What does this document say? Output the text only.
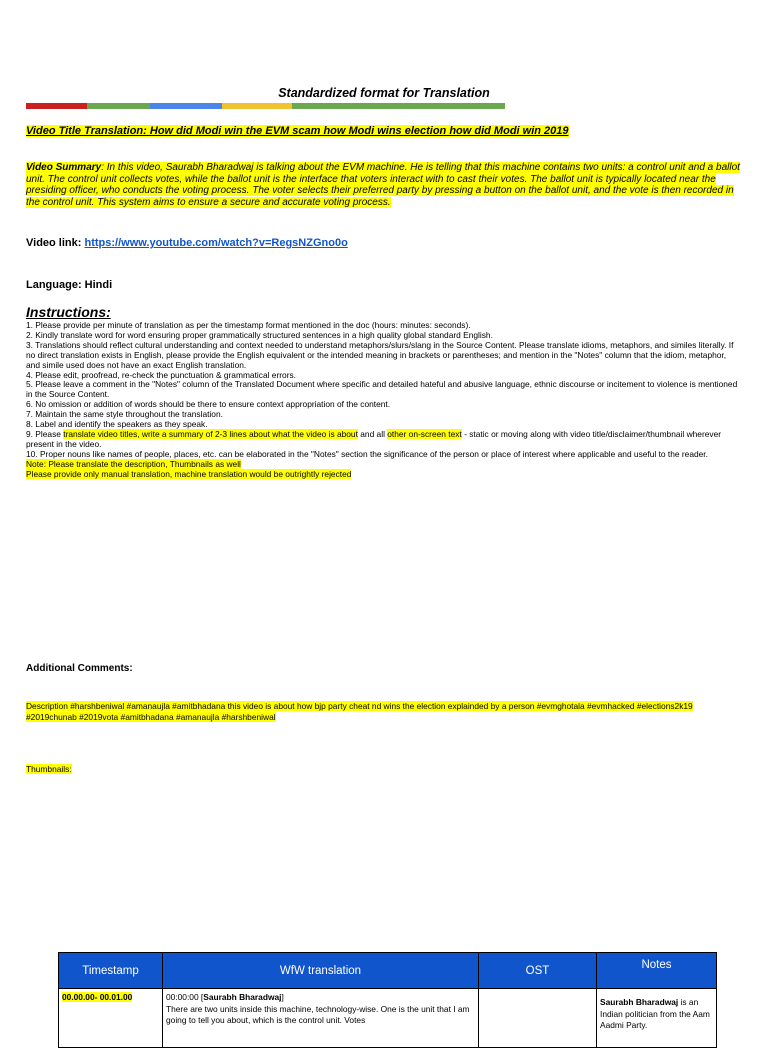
Standardized format for Translation
Video Title Translation: How did Modi win the EVM scam how Modi wins election how did Modi win 2019
Video Summary: In this video, Saurabh Bharadwaj is talking about the EVM machine. He is telling that this machine contains two units: a control unit and a ballot unit. The control unit collects votes, while the ballot unit is the interface that voters interact with to cast their votes. The ballot unit is typically located near the presiding officer, who conducts the voting process. The voter selects their preferred party by pressing a button on the ballot unit, and the vote is then recorded in the control unit. This system aims to ensure a secure and accurate voting process.
Video link: https://www.youtube.com/watch?v=RegsNZGno0o
Language: Hindi
Instructions:
1. Please provide per minute of translation as per the timestamp format mentioned in the doc (hours: minutes: seconds).
2. Kindly translate word for word ensuring proper grammatically structured sentences in a high quality global standard English.
3. Translations should reflect cultural understanding and context needed to understand metaphors/slurs/slang in the Source Content. Please translate idioms, metaphors, and similes literally. If no direct translation exists in English, please provide the English equivalent or the intended meaning in brackets or parentheses; and mention in the "Notes" column that the idiom, metaphor, and simile used does not have an exact English translation.
4. Please edit, proofread, re-check the punctuation & grammatical errors.
5. Please leave a comment in the "Notes" column of the Translated Document where specific and detailed hateful and abusive language, ethnic discourse or incitement to violence is mentioned in the Source Content.
6. No omission or addition of words should be there to ensure context appropriation of the content.
7. Maintain the same style throughout the translation.
8. Label and identify the speakers as they speak.
9. Please translate video titles, write a summary of 2-3 lines about what the video is about and all other on-screen text - static or moving along with video title/disclaimer/thumbnail wherever present in the video.
10. Proper nouns like names of people, places, etc. can be elaborated in the "Notes" section the significance of the person or place of interest where applicable and useful to the reader.
Note: Please translate the description, Thumbnails as well
Please provide only manual translation, machine translation would be outrightly rejected
Additional Comments:
Description #harshbeniwal #amanaujla #amitbhadana this video is about how bjp party cheat nd wins the election explainded by a person #evmghotala #evmhacked #elections2k19 #2019chunab #2019vota #amitbhadana #amanaujla #harshbeniwal
Thumbnails:
Timestamp	WfW translation	OST	Notes
00.00.00- 00.01.00	00:00:00 [Saurabh Bharadwaj]
There are two units inside this machine, technology-wise. One is the unit that I am going to tell you about, which is the control unit. Votes		Saurabh Bharadwaj is an Indian politician from the Aam Aadmi Party.
